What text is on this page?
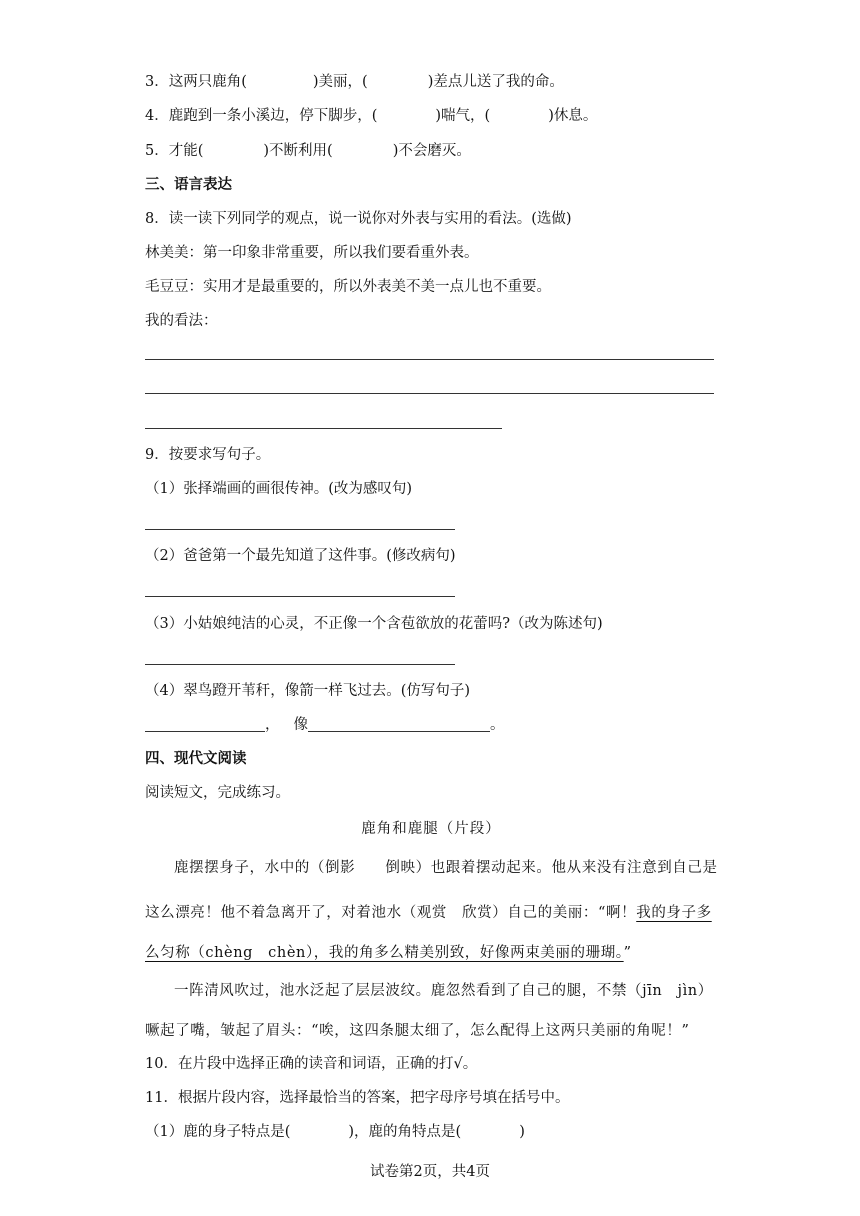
3．这两只鹿角(	)美丽，(	)差点儿送了我的命。
4．鹿跑到一条小溪边，停下脚步，(	)喘气，(	)休息。
5．才能(	)不断利用(	)不会磨灭。
三、语言表达
8．读一读下列同学的观点，说一说你对外表与实用的看法。(选做)
林美美：第一印象非常重要，所以我们要看重外表。
毛豆豆：实用才是最重要的，所以外表美不美一点儿也不重要。
我的看法：
9．按要求写句子。
（1）张择端画的画很传神。(改为感叹句)
（2）爸爸第一个最先知道了这件事。(修改病句)
（3）小姑娘纯洁的心灵，不正像一个含苞欲放的花蕾吗?（改为陈述句)
（4）翠鸟蹬开苇秆，像箭一样飞过去。(仿写句子)
， 像	。
四、现代文阅读
阅读短文，完成练习。
鹿角和鹿腿（片段）
鹿摆摆身子，水中的（倒影　　倒映）也跟着摆动起来。他从来没有注意到自己是
这么漂亮！他不着急离开了，对着池水（观赏　欣赏）自己的美丽：“啊！我的身子多
么匀称（chèng　chèn），我的角多么精美别致，好像两束美丽的珊瑚。”
一阵清风吹过，池水泛起了层层波纹。鹿忽然看到了自己的腿，不禁（jīn　jìn）
噘起了嘴，皱起了眉头：“唉，这四条腿太细了，怎么配得上这两只美丽的角呢！”
10．在片段中选择正确的读音和词语，正确的打√。
11．根据片段内容，选择最恰当的答案，把字母序号填在括号中。
（1）鹿的身子特点是(	)，鹿的角特点是(	)
试卷第2页，共4页
